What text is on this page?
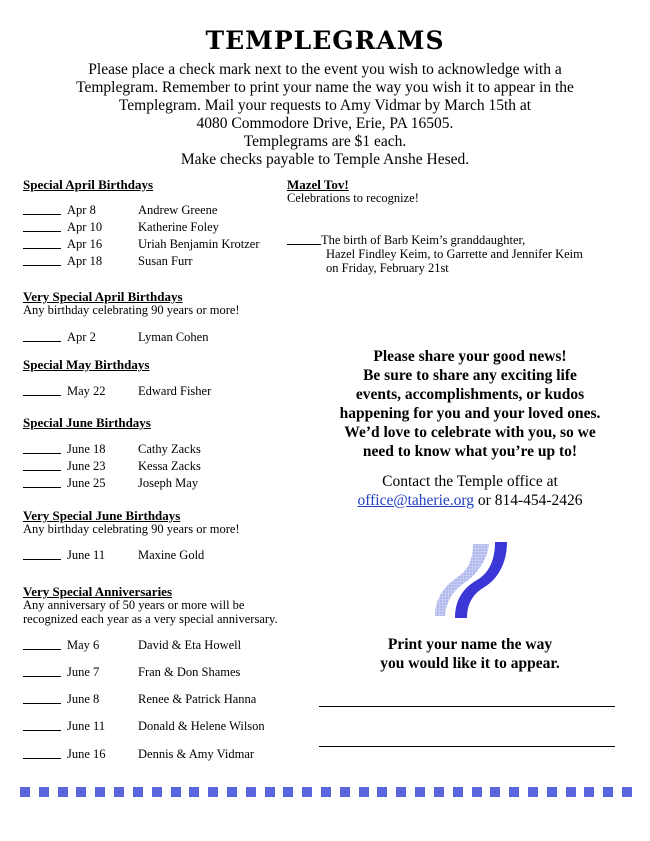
TEMPLEGRAMS
Please place a check mark next to the event you wish to acknowledge with a
Templegram. Remember to print your name the way you wish it to appear in the
Templegram. Mail your requests to Amy Vidmar by March 15th at
4080 Commodore Drive, Erie, PA 16505.
Templegrams are $1 each.
Make checks payable to Temple Anshe Hesed.
Special April Birthdays
Apr 8	Andrew Greene
Apr 10	Katherine Foley
Apr 16	Uriah Benjamin Krotzer
Apr 18	Susan Furr
Very Special April Birthdays
Any birthday celebrating 90 years or more!
Apr 2	Lyman Cohen
Special May Birthdays
May 22	Edward Fisher
Special June Birthdays
June 18	Cathy Zacks
June 23	Kessa Zacks
June 25	Joseph May
Very Special June Birthdays
Any birthday celebrating 90 years or more!
June 11	Maxine Gold
Very Special Anniversaries
Any anniversary of 50 years or more will be
recognized each year as a very special anniversary.
May 6	David & Eta Howell
June 7	Fran & Don Shames
June 8	Renee & Patrick Hanna
June 11	Donald & Helene Wilson
June 16	Dennis & Amy Vidmar
Mazel Tov!
Celebrations to recognize!
The birth of Barb Keim’s granddaughter,
Hazel Findley Keim, to Garrette and Jennifer Keim
on Friday, February 21st
Please share your good news!
Be sure to share any exciting life
events, accomplishments, or kudos
happening for you and your loved ones.
We’d love to celebrate with you, so we
need to know what you’re up to!
Contact the Temple office at
office@taherie.org or 814-454-2426
Print your name the way
you would like it to appear.
